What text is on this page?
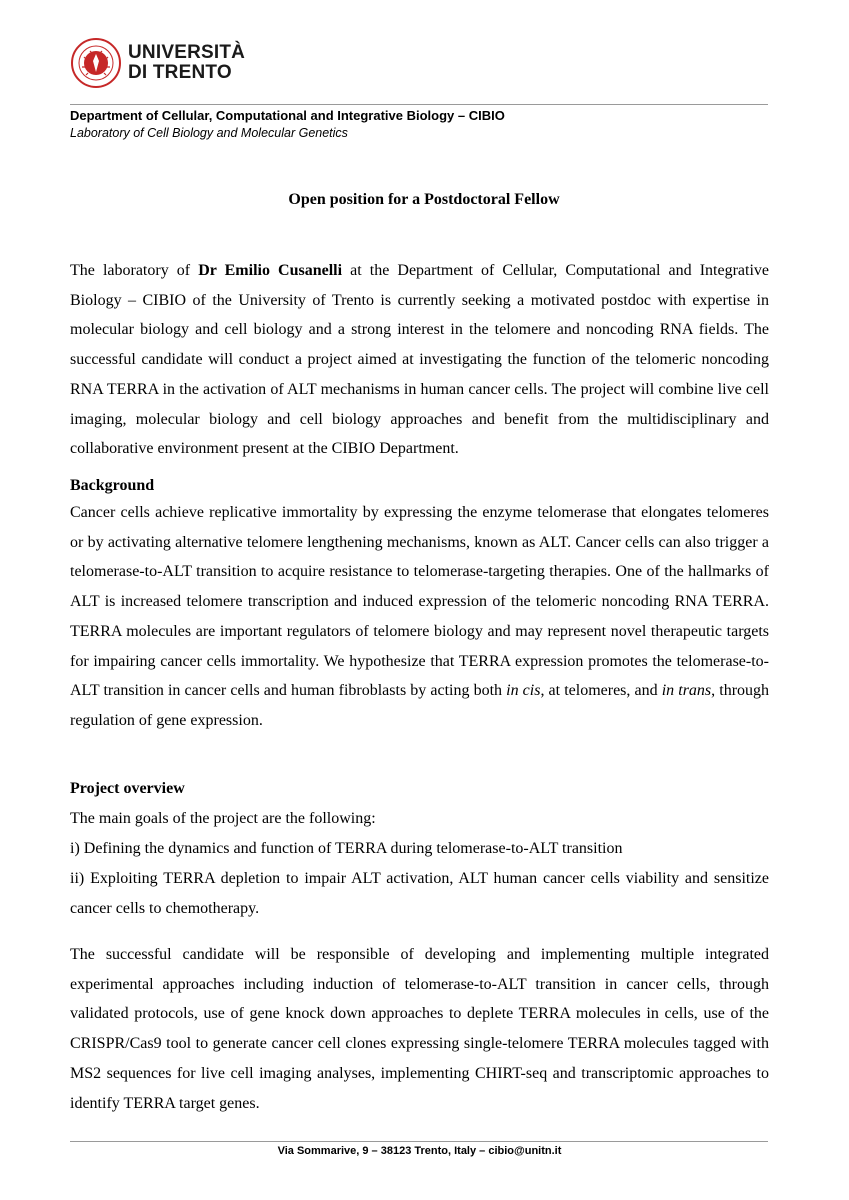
UNIVERSITÀ
DI TRENTO
Department of Cellular, Computational and Integrative Biology – CIBIO
Laboratory of Cell Biology and Molecular Genetics
Open position for a Postdoctoral Fellow

The laboratory of Dr Emilio Cusanelli at the Department of Cellular, Computational and Integrative Biology – CIBIO of the University of Trento is currently seeking a motivated postdoc with expertise in molecular biology and cell biology and a strong interest in the telomere and noncoding RNA fields. The successful candidate will conduct a project aimed at investigating the function of the telomeric noncoding RNA TERRA in the activation of ALT mechanisms in human cancer cells. The project will combine live cell imaging, molecular biology and cell biology approaches and benefit from the multidisciplinary and collaborative environment present at the CIBIO Department.

Background

Cancer cells achieve replicative immortality by expressing the enzyme telomerase that elongates telomeres or by activating alternative telomere lengthening mechanisms, known as ALT. Cancer cells can also trigger a telomerase-to-ALT transition to acquire resistance to telomerase-targeting therapies. One of the hallmarks of ALT is increased telomere transcription and induced expression of the telomeric noncoding RNA TERRA. TERRA molecules are important regulators of telomere biology and may represent novel therapeutic targets for impairing cancer cells immortality. We hypothesize that TERRA expression promotes the telomerase-to-ALT transition in cancer cells and human fibroblasts by acting both in cis, at telomeres, and in trans, through regulation of gene expression.

Project overview
The main goals of the project are the following:
i) Defining the dynamics and function of TERRA during telomerase-to-ALT transition

ii) Exploiting TERRA depletion to impair ALT activation, ALT human cancer cells viability and sensitize cancer cells to chemotherapy.

The successful candidate will be responsible of developing and implementing multiple integrated experimental approaches including induction of telomerase-to-ALT transition in cancer cells, through validated protocols, use of gene knock down approaches to deplete TERRA molecules in cells, use of the CRISPR/Cas9 tool to generate cancer cell clones expressing single-telomere TERRA molecules tagged with MS2 sequences for live cell imaging analyses, implementing CHIRT-seq and transcriptomic approaches to identify TERRA target genes.

Via Sommarive, 9 – 38123 Trento, Italy – cibio@unitn.it
